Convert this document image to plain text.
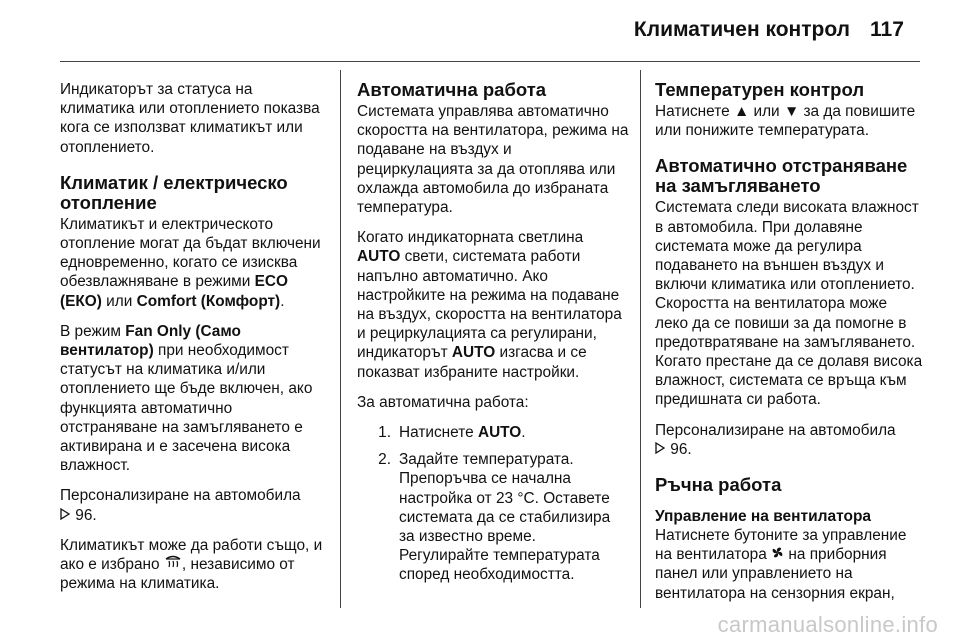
Климатичен контрол 117

Индикаторът за статуса на климатика или отоплението показва кога се използват климатикът или отоплението.

Климатик / електрическо отопление

Климатикът и електрическото отопление могат да бъдат включени едновременно, когато се изисква обезвлажняване в режими ECO (ЕКО) или Comfort (Комфорт).

В режим Fan Only (Само вентилатор) при необходимост статусът на климатика и/или отоплението ще бъде включен, ако функцията автоматично отстраняване на замъгляването е активирана и е засечена висока влажност.

Персонализиране на автомобила
96.

Климатикът може да работи също, и ако е избрано , независимо от режима на климатика.

Автоматична работа

Системата управлява автоматично скоростта на вентилатора, режима на подаване на въздух и рециркулацията за да отоплява или охлажда автомобила до избраната температура.

Когато индикаторната светлина AUTO свети, системата работи напълно автоматично. Ако настройките на режима на подаване на въздух, скоростта на вентилатора и рециркулацията са регулирани, индикаторът AUTO изгасва и се показват избраните настройки.

За автоматична работа:

1. Натиснете AUTO.
2. Задайте температурата. Препоръчва се начална настройка от 23 °C. Оставете системата да се стабилизира за известно време. Регулирайте температурата според необходимостта.
Температурен контрол

Натиснете ▲ или ▼ за да повишите или понижите температурата.

Автоматично отстраняване на замъгляването

Системата следи високата влажност в автомобила. При долавяне системата може да регулира подаването на външен въздух и включи климатика или отоплението. Скоростта на вентилатора може леко да се повиши за да помогне в предотвратяване на замъгляването. Когато престане да се долавя висока влажност, системата се връща към предишната си работа.

Персонализиране на автомобила
96.

Ръчна работа
Управление на вентилатора

Натиснете бутоните за управление на вентилатора на приборния панел или управлението на вентилатора на сензорния екран,

carmanualsonline.info
